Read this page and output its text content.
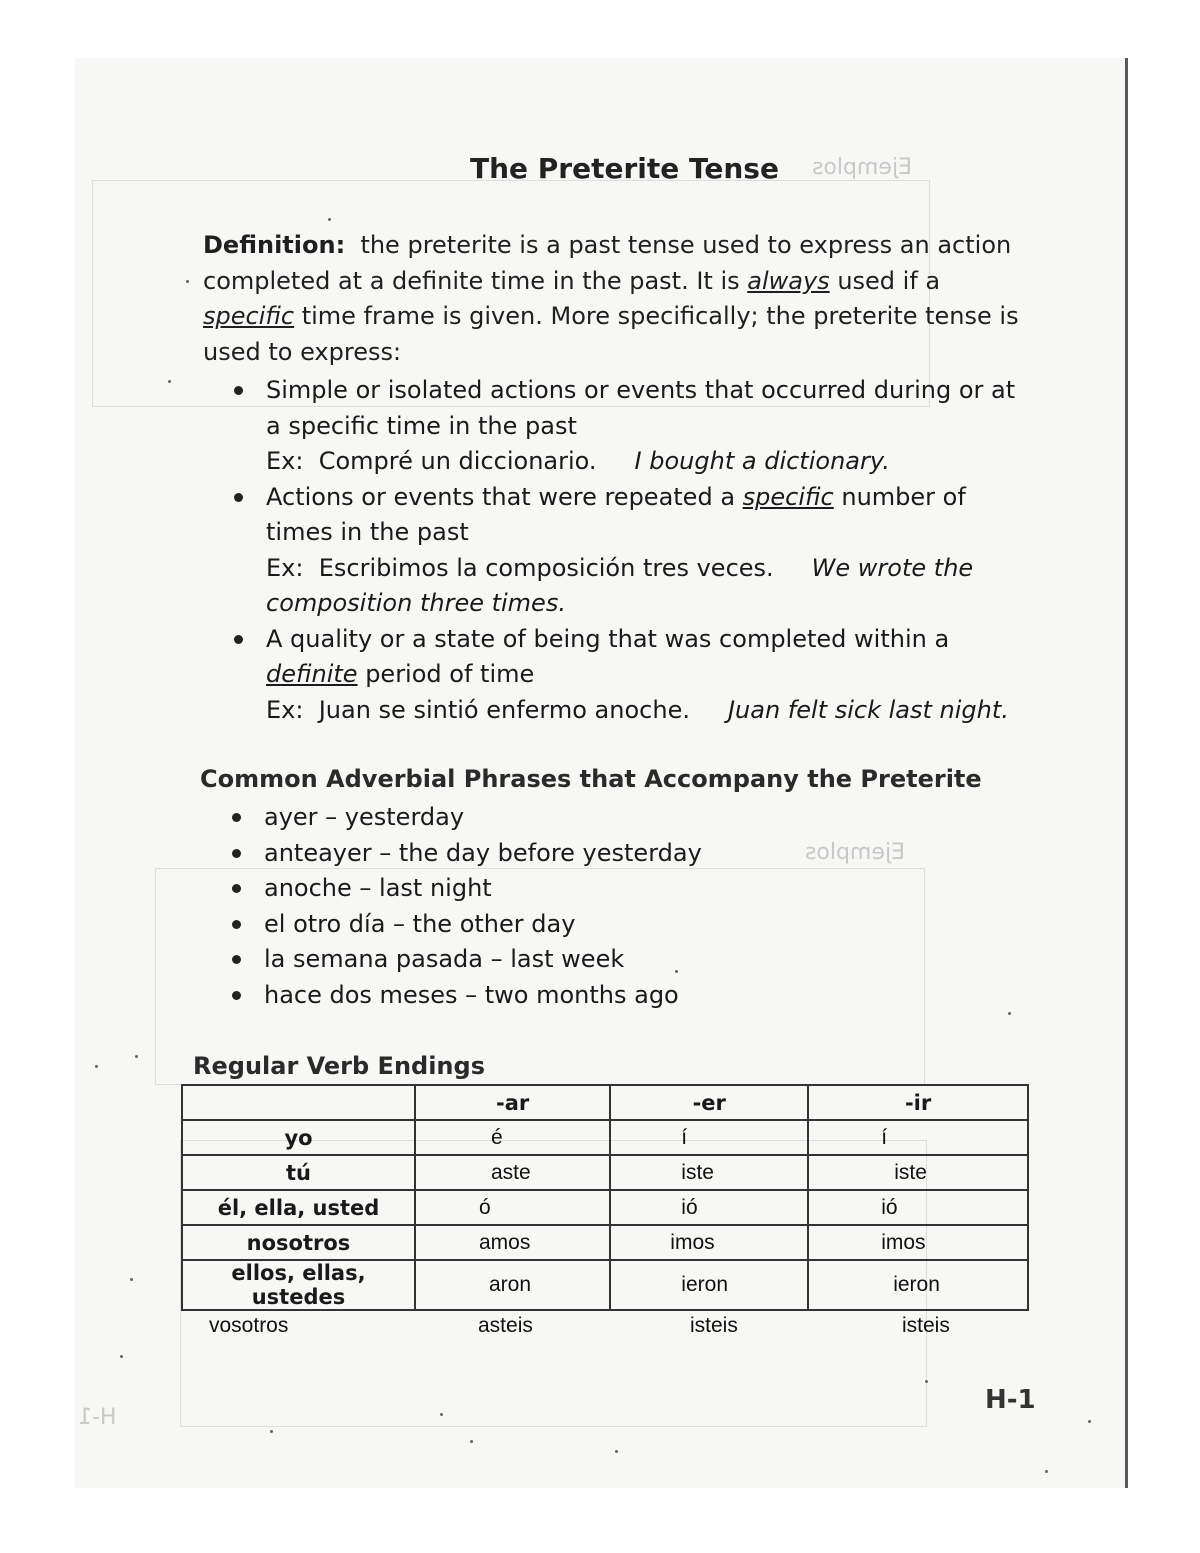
Ejemplos
Ejemplos
H-1
The Preterite Tense
Definition: the preterite is a past tense used to express an action completed at a definite time in the past. It is always used if a specific time frame is given. More specifically; the preterite tense is used to express:
Simple or isolated actions or events that occurred during or at a specific time in the past
Ex: Compré un diccionario. I bought a dictionary.
Actions or events that were repeated a specific number of times in the past
Ex: Escribimos la composición tres veces. We wrote the composition three times.
A quality or a state of being that was completed within a definite period of time
Ex: Juan se sintió enfermo anoche. Juan felt sick last night.
Common Adverbial Phrases that Accompany the Preterite
ayer – yesterday
anteayer – the day before yesterday
anoche – last night
el otro día – the other day
la semana pasada – last week
hace dos meses – two months ago
Regular Verb Endings
	-ar	-er	-ir
yo	é	í	í
tú	aste	iste	iste
él, ella, usted	ó	ió	ió
nosotros	amos	imos	imos
ellos, ellas, ustedes	aron	ieron	ieron
vosotros	asteis	isteis	isteis
H-1
